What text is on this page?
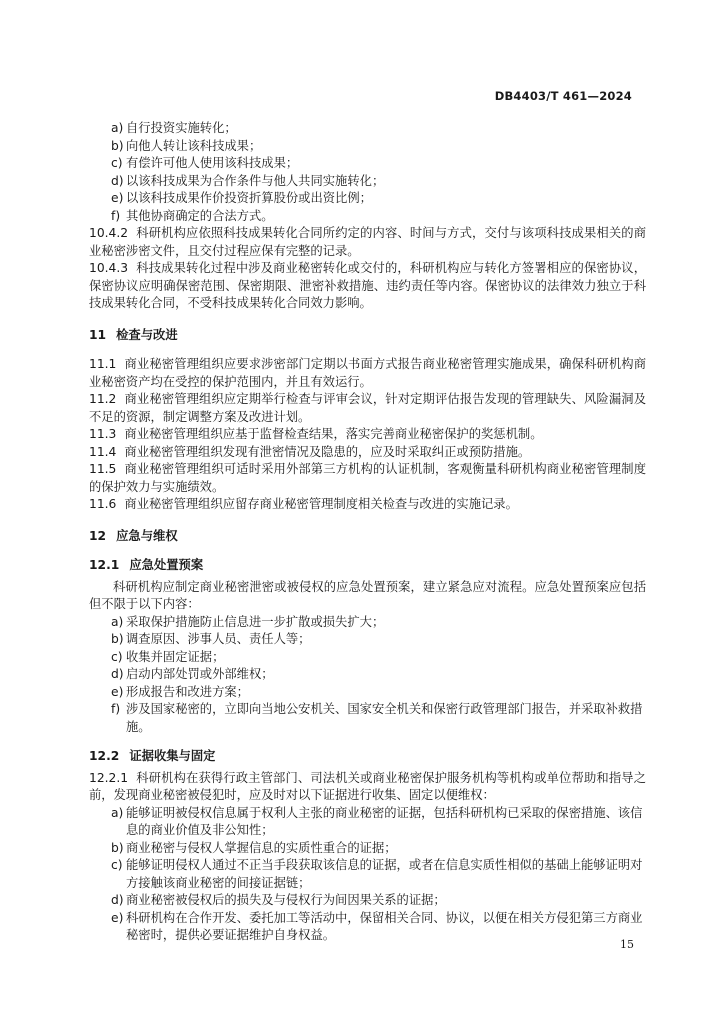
DB4403/T 461—2024
a) 自行投资实施转化；
b) 向他人转让该科技成果；
c) 有偿许可他人使用该科技成果；
d) 以该科技成果为合作条件与他人共同实施转化；
e) 以该科技成果作价投资折算股份或出资比例；
f) 其他协商确定的合法方式。
10.4.2 科研机构应依照科技成果转化合同所约定的内容、时间与方式，交付与该项科技成果相关的商业秘密涉密文件，且交付过程应保有完整的记录。
10.4.3 科技成果转化过程中涉及商业秘密转化或交付的，科研机构应与转化方签署相应的保密协议，保密协议应明确保密范围、保密期限、泄密补救措施、违约责任等内容。保密协议的法律效力独立于科技成果转化合同，不受科技成果转化合同效力影响。
11 检查与改进
11.1 商业秘密管理组织应要求涉密部门定期以书面方式报告商业秘密管理实施成果，确保科研机构商业秘密资产均在受控的保护范围内，并且有效运行。
11.2 商业秘密管理组织应定期举行检查与评审会议，针对定期评估报告发现的管理缺失、风险漏洞及不足的资源，制定调整方案及改进计划。
11.3 商业秘密管理组织应基于监督检查结果，落实完善商业秘密保护的奖惩机制。
11.4 商业秘密管理组织发现有泄密情况及隐患的，应及时采取纠正或预防措施。
11.5 商业秘密管理组织可适时采用外部第三方机构的认证机制，客观衡量科研机构商业秘密管理制度的保护效力与实施绩效。
11.6 商业秘密管理组织应留存商业秘密管理制度相关检查与改进的实施记录。
12 应急与维权
12.1 应急处置预案
科研机构应制定商业秘密泄密或被侵权的应急处置预案，建立紧急应对流程。应急处置预案应包括但不限于以下内容：
a) 采取保护措施防止信息进一步扩散或损失扩大；
b) 调查原因、涉事人员、责任人等；
c) 收集并固定证据；
d) 启动内部处罚或外部维权；
e) 形成报告和改进方案；
f) 涉及国家秘密的，立即向当地公安机关、国家安全机关和保密行政管理部门报告，并采取补救措施。
12.2 证据收集与固定
12.2.1 科研机构在获得行政主管部门、司法机关或商业秘密保护服务机构等机构或单位帮助和指导之前，发现商业秘密被侵犯时，应及时对以下证据进行收集、固定以便维权：
a) 能够证明被侵权信息属于权利人主张的商业秘密的证据，包括科研机构已采取的保密措施、该信息的商业价值及非公知性；
b) 商业秘密与侵权人掌握信息的实质性重合的证据；
c) 能够证明侵权人通过不正当手段获取该信息的证据，或者在信息实质性相似的基础上能够证明对方接触该商业秘密的间接证据链；
d) 商业秘密被侵权后的损失及与侵权行为间因果关系的证据；
e) 科研机构在合作开发、委托加工等活动中，保留相关合同、协议，以便在相关方侵犯第三方商业秘密时，提供必要证据维护自身权益。
15
